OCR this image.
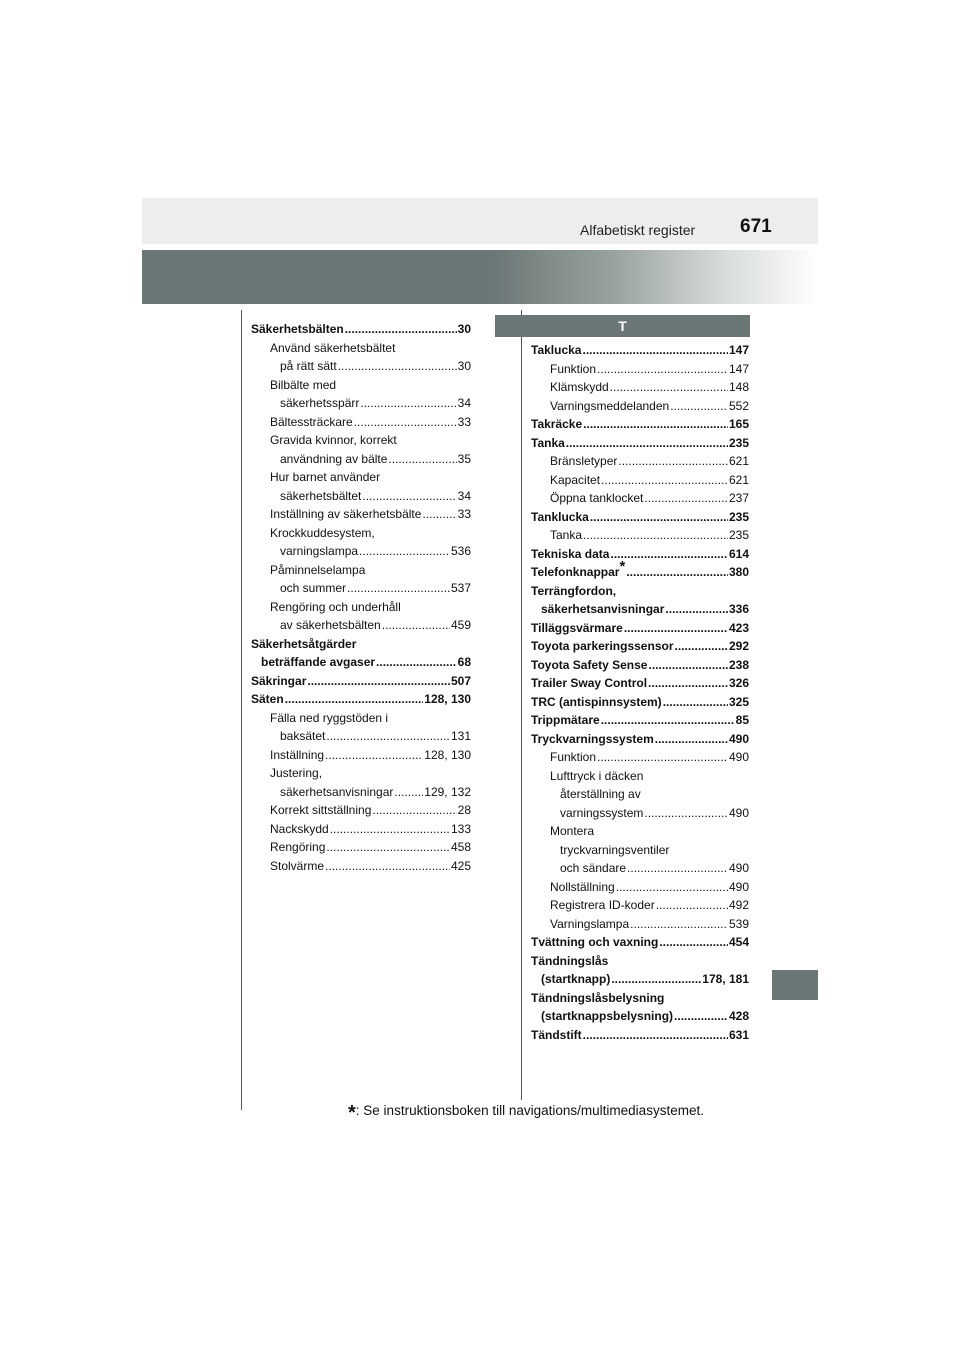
Alfabetiskt register 671
T
Säkerhetsbälten .....	30
Använd säkerhetsbältet
på rätt sätt .....	30
Bilbälte med
säkerhetsspärr .....	34
Bältessträckare .....	33
Gravida kvinnor, korrekt
användning av bälte .....	35
Hur barnet använder
säkerhetsbältet .....	34
Inställning av säkerhetsbälte .....	33
Krockkuddesystem,
varningslampa .....	536
Påminnelselampa
och summer .....	537
Rengöring och underhåll
av säkerhetsbälten .....	459
Säkerhetsåtgärder
beträffande avgaser .....	68
Säkringar .....	507
Säten .....	128, 130
Fälla ned ryggstöden i
baksätet .....	131
Inställning .....	128, 130
Justering,
säkerhetsanvisningar .....	129, 132
Korrekt sittställning .....	28
Nackskydd .....	133
Rengöring .....	458
Stolvärme .....	425
Taklucka .....	147
Funktion .....	147
Klämskydd .....	148
Varningsmeddelanden .....	552
Takräcke .....	165
Tanka .....	235
Bränsletyper .....	621
Kapacitet .....	621
Öppna tanklocket .....	237
Tanklucka .....	235
Tanka .....	235
Tekniska data .....	614
Telefonknappar* .....	380
Terrängfordon,
säkerhetsanvisningar .....	336
Tilläggsvärmare .....	423
Toyota parkeringssensor .....	292
Toyota Safety Sense .....	238
Trailer Sway Control .....	326
TRC (antispinnsystem) .....	325
Trippmätare .....	85
Tryckvarningssystem .....	490
Funktion .....	490
Lufttryck i däcken
återställning av
varningssystem .....	490
Montera
tryckvarningsventiler
och sändare .....	490
Nollställning .....	490
Registrera ID-koder .....	492
Varningslampa .....	539
Tvättning och vaxning .....	454
Tändningslås
(startknapp) .....	178, 181
Tändningslåsbelysning
(startknappsbelysning) .....	428
Tändstift .....	631
*: Se instruktionsboken till navigations/multimediasystemet.
